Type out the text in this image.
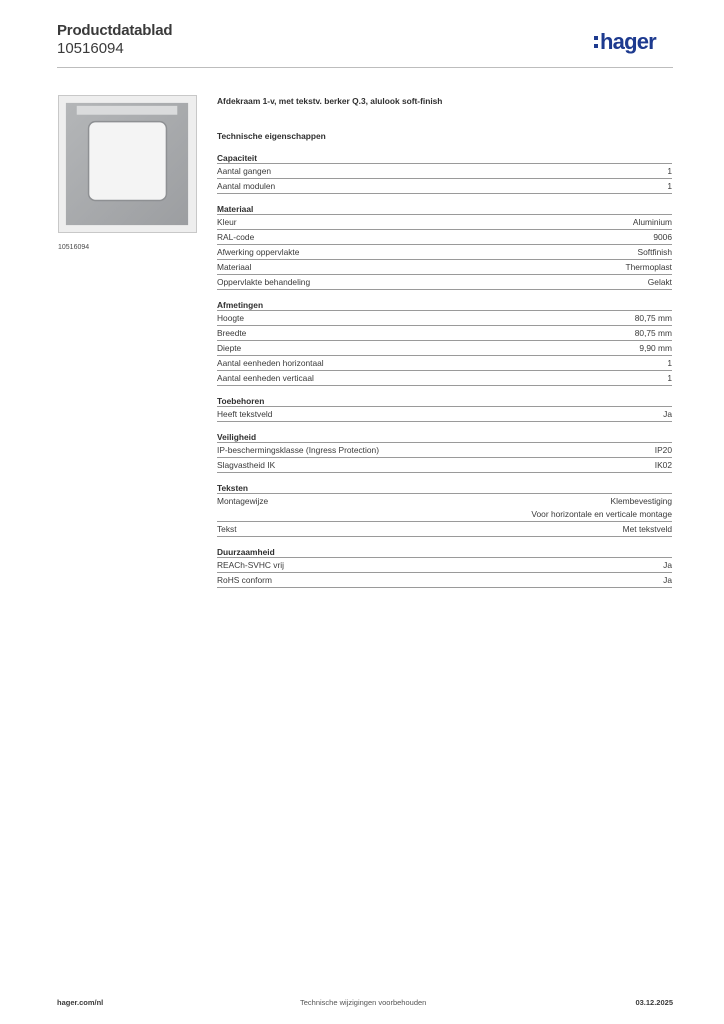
Productdatablad
10516094	hager
10516094
Afdekraam 1-v, met tekstv. berker Q.3, alulook soft-finish
Technische eigenschappen
Capaciteit
Aantal gangen	1
Aantal modulen	1
Materiaal
Kleur	Aluminium
RAL-code	9006
Afwerking oppervlakte	Softfinish
Materiaal	Thermoplast
Oppervlakte behandeling	Gelakt
Afmetingen
Hoogte	80,75 mm
Breedte	80,75 mm
Diepte	9,90 mm
Aantal eenheden horizontaal	1
Aantal eenheden verticaal	1
Toebehoren
Heeft tekstveld	Ja
Veiligheid
IP-beschermingsklasse (Ingress Protection)	IP20
Slagvastheid IK	IK02
Teksten
Montagewijze	Klembevestiging
Voor horizontale en verticale montage
Tekst	Met tekstveld
Duurzaamheid
REACh-SVHC vrij	Ja
RoHS conform	Ja
hager.com/nl	Technische wijzigingen voorbehouden	03.12.2025
